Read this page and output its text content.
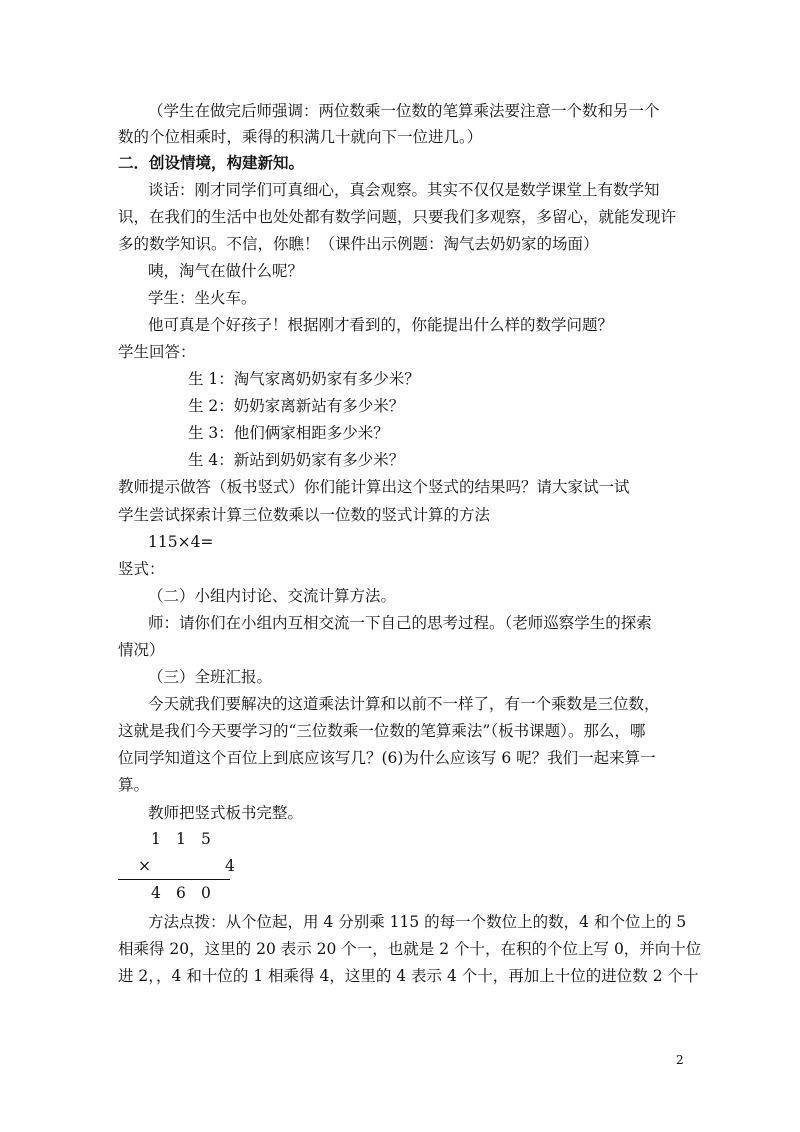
（学生在做完后师强调：两位数乘一位数的笔算乘法要注意一个数和另一个
数的个位相乘时，乘得的积满几十就向下一位进几。）
二．创设情境，构建新知。
谈话：刚才同学们可真细心，真会观察。其实不仅仅是数学课堂上有数学知
识，在我们的生活中也处处都有数学问题，只要我们多观察，多留心，就能发现许
多的数学知识。不信，你瞧！（课件出示例题：淘气去奶奶家的场面）
咦，淘气在做什么呢？
学生：坐火车。
他可真是个好孩子！根据刚才看到的，你能提出什么样的数学问题？
学生回答：
生 1：淘气家离奶奶家有多少米？
生 2：奶奶家离新站有多少米？
生 3：他们俩家相距多少米？
生 4：新站到奶奶家有多少米？
教师提示做答（板书竖式）你们能计算出这个竖式的结果吗？请大家试一试
学生尝试探索计算三位数乘以一位数的竖式计算的方法
115×4=
竖式：
（二）小组内讨论、交流计算方法。
师：请你们在小组内互相交流一下自己的思考过程。（老师巡察学生的探索
情况）
（三）全班汇报。
今天就我们要解决的这道乘法计算和以前不一样了，有一个乘数是三位数，
这就是我们今天要学习的“三位数乘一位数的笔算乘法”（板书课题）。那么，哪
位同学知道这个百位上到底应该写几？(6)为什么应该写 6 呢？我们一起来算一
算。
教师把竖式板书完整。
1 1 5
×	4
4 6 0
方法点拨：从个位起，用 4 分别乘 115 的每一个数位上的数，4 和个位上的 5
相乘得 20，这里的 20 表示 20 个一，也就是 2 个十，在积的个位上写 0，并向十位
进 2，，4 和十位的 1 相乘得 4，这里的 4 表示 4 个十，再加上十位的进位数 2 个十
2
